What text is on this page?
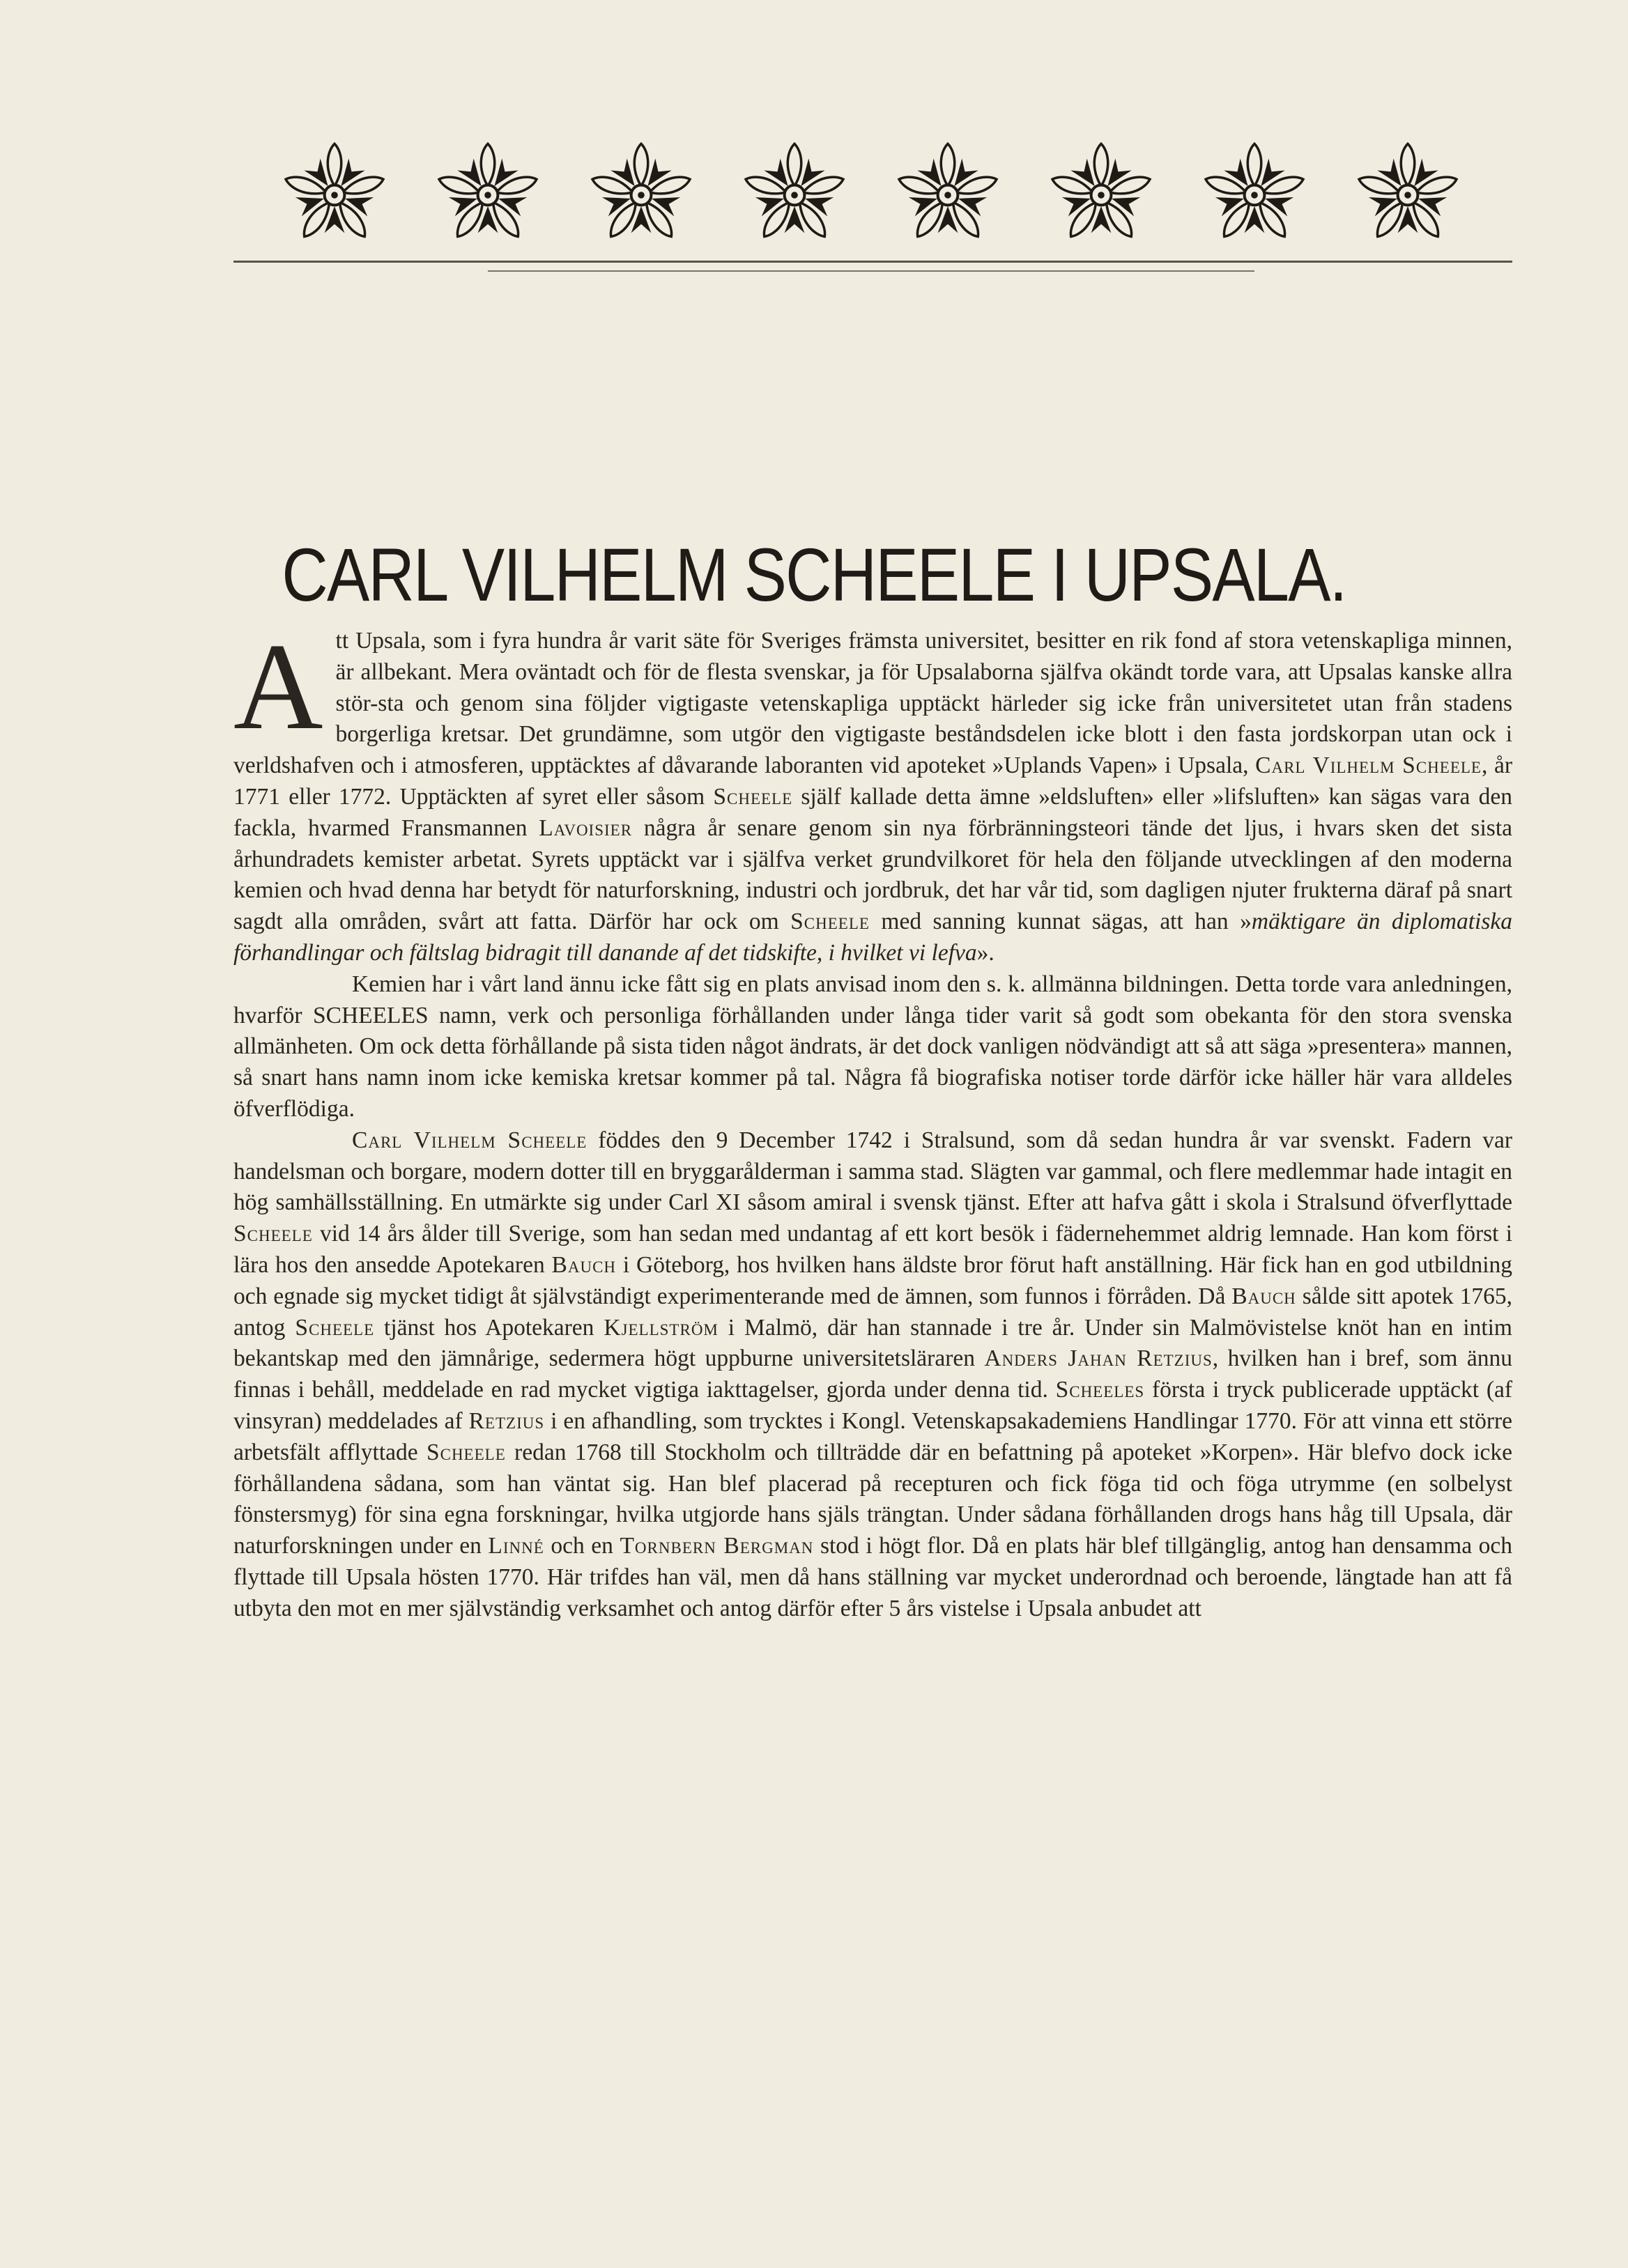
CARL VILHELM SCHEELE I UPSALA.

Att Upsala, som i fyra hundra år varit säte för Sveriges främsta universitet, besitter en rik fond af stora vetenskapliga minnen, är allbekant. Mera oväntadt och för de flesta svenskar, ja för Upsalaborna själfva okändt torde vara, att Upsalas kanske allra stör-sta och genom sina följder vigtigaste vetenskapliga upptäckt härleder sig icke från universitetet utan från stadens borgerliga kretsar. Det grundämne, som utgör den vigtigaste beståndsdelen icke blott i den fasta jordskorpan utan ock i verldshafven och i atmosferen, upptäcktes af dåvarande laboranten vid apoteket »Uplands Vapen» i Upsala, Carl Vilhelm Scheele, år 1771 eller 1772. Upptäckten af syret eller såsom Scheele själf kallade detta ämne »eldsluften» eller »lifsluften» kan sägas vara den fackla, hvarmed Fransmannen Lavoisier några år senare genom sin nya förbränningsteori tände det ljus, i hvars sken det sista århundradets kemister arbetat. Syrets upptäckt var i själfva verket grundvilkoret för hela den följande utvecklingen af den moderna kemien och hvad denna har betydt för naturforskning, industri och jordbruk, det har vår tid, som dagligen njuter frukterna däraf på snart sagdt alla områden, svårt att fatta. Därför har ock om Scheele med sanning kunnat sägas, att han »mäktigare än diplomatiska förhandlingar och fältslag bidragit till danande af det tidskifte, i hvilket vi lefva».

Kemien har i vårt land ännu icke fått sig en plats anvisad inom den s. k. allmänna bildningen. Detta torde vara anledningen, hvarför SCHEELES namn, verk och personliga förhållanden under långa tider varit så godt som obekanta för den stora svenska allmänheten. Om ock detta förhållande på sista tiden något ändrats, är det dock vanligen nödvändigt att så att säga »presentera» mannen, så snart hans namn inom icke kemiska kretsar kommer på tal. Några få biografiska notiser torde därför icke häller här vara alldeles öfverflödiga.

Carl Vilhelm Scheele föddes den 9 December 1742 i Stralsund, som då sedan hundra år var svenskt. Fadern var handelsman och borgare, modern dotter till en bryggarålderman i samma stad. Slägten var gammal, och flere medlemmar hade intagit en hög samhällsställning. En utmärkte sig under Carl XI såsom amiral i svensk tjänst. Efter att hafva gått i skola i Stralsund öfverflyttade Scheele vid 14 års ålder till Sverige, som han sedan med undantag af ett kort besök i fädernehemmet aldrig lemnade. Han kom först i lära hos den ansedde Apotekaren Bauch i Göteborg, hos hvilken hans äldste bror förut haft anställning. Här fick han en god utbildning och egnade sig mycket tidigt åt självständigt experimenterande med de ämnen, som funnos i förråden. Då Bauch sålde sitt apotek 1765, antog Scheele tjänst hos Apotekaren Kjellström i Malmö, där han stannade i tre år. Under sin Malmövistelse knöt han en intim bekantskap med den jämnårige, sedermera högt uppburne universitetsläraren Anders Jahan Retzius, hvilken han i bref, som ännu finnas i behåll, meddelade en rad mycket vigtiga iakttagelser, gjorda under denna tid. Scheeles första i tryck publicerade upptäckt (af vinsyran) meddelades af Retzius i en afhandling, som trycktes i Kongl. Vetenskapsakademiens Handlingar 1770. För att vinna ett större arbetsfält afflyttade Scheele redan 1768 till Stockholm och tillträdde där en befattning på apoteket »Korpen». Här blefvo dock icke förhållandena sådana, som han väntat sig. Han blef placerad på recepturen och fick föga tid och föga utrymme (en solbelyst fönstersmyg) för sina egna forskningar, hvilka utgjorde hans själs trängtan. Under sådana förhållanden drogs hans håg till Upsala, där naturforskningen under en Linné och en Tornbern Bergman stod i högt flor. Då en plats här blef tillgänglig, antog han densamma och flyttade till Upsala hösten 1770. Här trifdes han väl, men då hans ställning var mycket underordnad och beroende, längtade han att få utbyta den mot en mer självständig verksamhet och antog därför efter 5 års vistelse i Upsala anbudet att
